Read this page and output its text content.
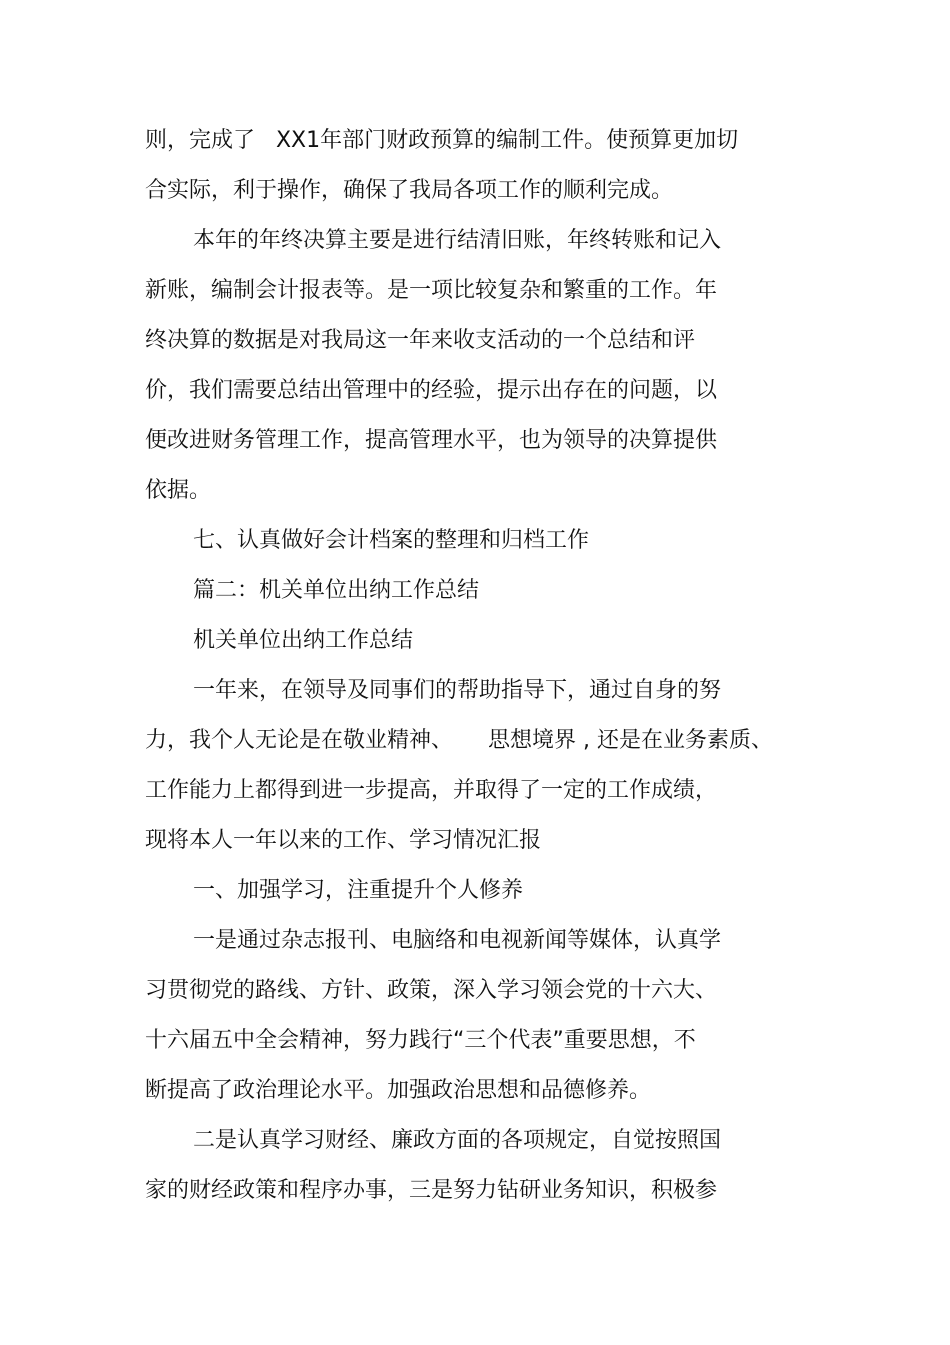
则，完成了   XX1年部门财政预算的编制工件。使预算更加切
合实际，利于操作，确保了我局各项工作的顺利完成。
本年的年终决算主要是进行结清旧账，年终转账和记入
新账，编制会计报表等。是一项比较复杂和繁重的工作。年
终决算的数据是对我局这一年来收支活动的一个总结和评
价，我们需要总结出管理中的经验，提示出存在的问题，以
便改进财务管理工作，提高管理水平，也为领导的决算提供
依据。
七、认真做好会计档案的整理和归档工作
篇二：机关单位出纳工作总结
机关单位出纳工作总结
一年来，在领导及同事们的帮助指导下，通过自身的努
力，我个人无论是在敬业精神、     思想境界 , 还是在业务素质、
工作能力上都得到进一步提高，并取得了一定的工作成绩，
现将本人一年以来的工作、学习情况汇报
一、加强学习，注重提升个人修养
一是通过杂志报刊、电脑络和电视新闻等媒体，认真学
习贯彻党的路线、方针、政策，深入学习领会党的十六大、
十六届五中全会精神，努力践行“三个代表”重要思想，不
断提高了政治理论水平。加强政治思想和品德修养。
二是认真学习财经、廉政方面的各项规定，自觉按照国
家的财经政策和程序办事，三是努力钻研业务知识，积极参
